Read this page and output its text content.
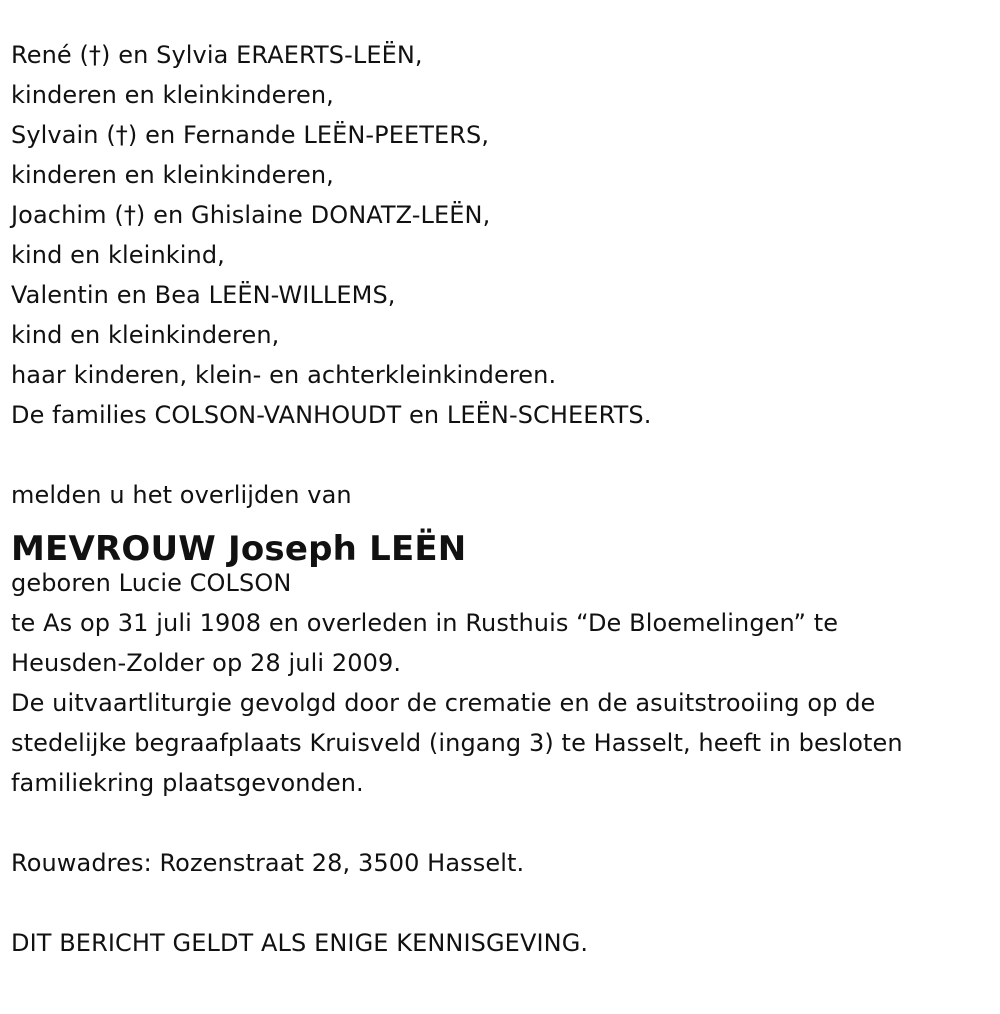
René (†) en Sylvia ERAERTS-LEËN,
kinderen en kleinkinderen,
Sylvain (†) en Fernande LEËN-PEETERS,
kinderen en kleinkinderen,
Joachim (†) en Ghislaine DONATZ-LEËN,
kind en kleinkind,
Valentin en Bea LEËN-WILLEMS,
kind en kleinkinderen,
haar kinderen, klein- en achterkleinkinderen.
De families COLSON-VANHOUDT en LEËN-SCHEERTS.
melden u het overlijden van
MEVROUW Joseph LEËN
geboren Lucie COLSON
te As op 31 juli 1908 en overleden in Rusthuis “De Bloemelingen” te
Heusden-Zolder op 28 juli 2009.
De uitvaartliturgie gevolgd door de crematie en de asuitstrooiing op de
stedelijke begraafplaats Kruisveld (ingang 3) te Hasselt, heeft in besloten
familiekring plaatsgevonden.
Rouwadres: Rozenstraat 28, 3500 Hasselt.
DIT BERICHT GELDT ALS ENIGE KENNISGEVING.
